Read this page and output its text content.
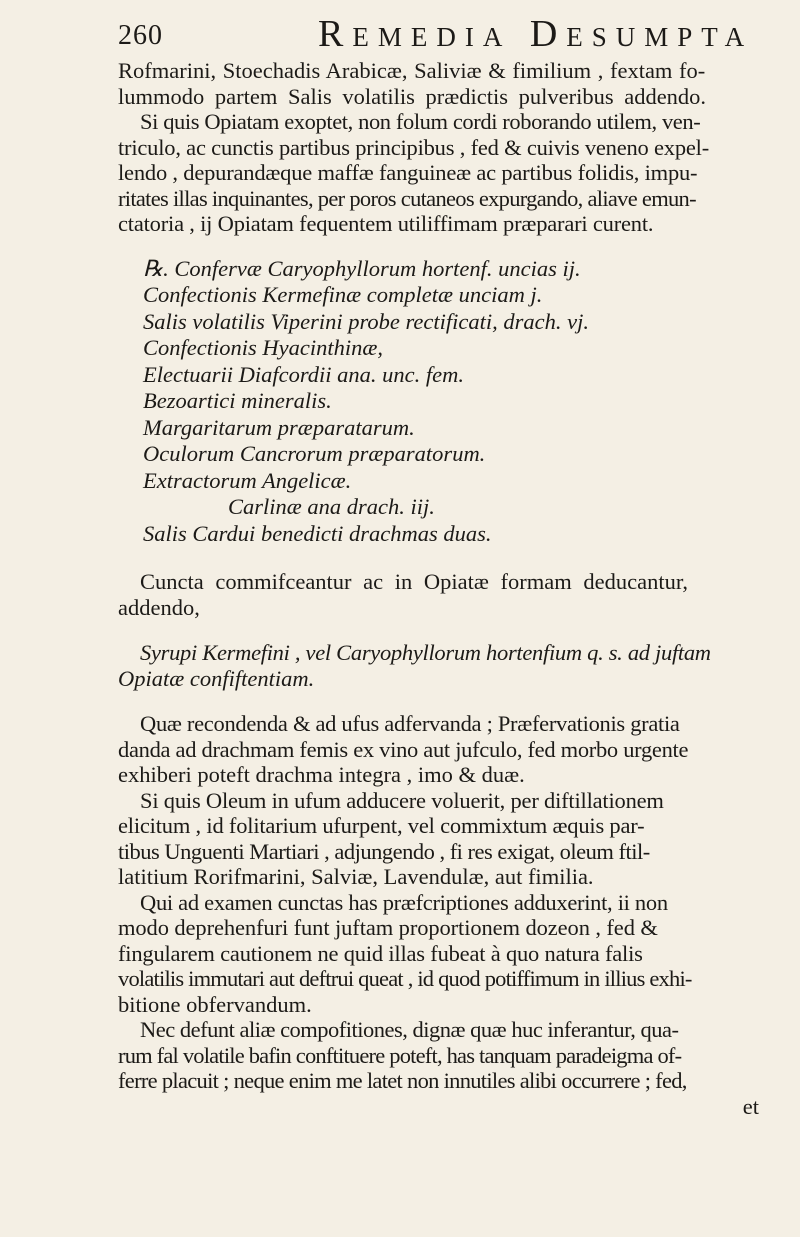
260	Remedia Desumpta
Rofmarini, Stoechadis Arabicæ, Saliviæ & fimilium , fextam fo-
lummodo partem Salis volatilis prædictis pulveribus addendo.
Si quis Opiatam exoptet, non folum cordi roborando utilem, ven-
triculo, ac cunctis partibus principibus , fed & cuivis veneno expel-
lendo , depurandæque maffæ fanguineæ ac partibus folidis, impu-
ritates illas inquinantes, per poros cutaneos expurgando, aliave emun-
ctatoria , ij Opiatam fequentem utiliffimam præparari curent.
℞. Confervæ Caryophyllorum hortenf. uncias ij.
Confectionis Kermefinæ completæ unciam j.
Salis volatilis Viperini probe rectificati, drach. vj.
Confectionis Hyacinthinæ,
Electuarii Diafcordii ana. unc. fem.
Bezoartici mineralis.
Margaritarum præparatarum.
Oculorum Cancrorum præparatorum.
Extractorum Angelicæ.
Carlinæ ana drach. iij.
Salis Cardui benedicti drachmas duas.
Cuncta commifceantur ac in Opiatæ formam deducantur,
addendo,
Syrupi Kermefini , vel Caryophyllorum hortenfium q. s. ad juftam
Opiatæ confiftentiam.
Quæ recondenda & ad ufus adfervanda ; Præfervationis gratia
danda ad drachmam femis ex vino aut jufculo, fed morbo urgente
exhiberi poteft drachma integra , imo & duæ.
Si quis Oleum in ufum adducere voluerit, per diftillationem
elicitum , id folitarium ufurpent, vel commixtum æquis par-
tibus Unguenti Martiari , adjungendo , fi res exigat, oleum ftil-
latitium Rorifmarini, Salviæ, Lavendulæ, aut fimilia.
Qui ad examen cunctas has præfcriptiones adduxerint, ii non
modo deprehenfuri funt juftam proportionem dozeon , fed &
fingularem cautionem ne quid illas fubeat à quo natura falis
volatilis immutari aut deftrui queat , id quod potiffimum in illius exhi-
bitione obfervandum.
Nec defunt aliæ compofitiones, dignæ quæ huc inferantur, qua-
rum fal volatile bafin conftituere poteft, has tanquam paradeigma of-
ferre placuit ; neque enim me latet non innutiles alibi occurrere ; fed,
et
